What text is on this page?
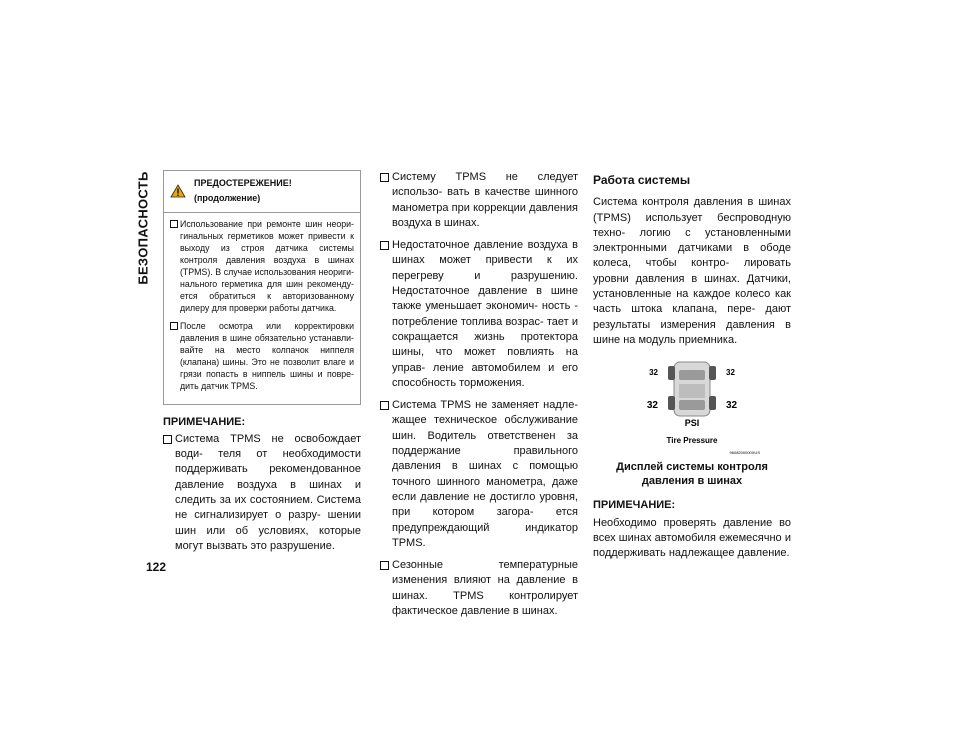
БЕЗОПАСНОСТЬ	ПРЕДОСТЕРЕЖЕНИЕ! (продолжение)
Использование при ремонте шин неори- гинальных герметиков может привести к выходу из строя датчика системы контроля давления воздуха в шинах (TPMS). В случае использования неориги- нального герметика для шин рекоменду- ется обратиться к авторизованному дилеру для проверки работы датчика.
После осмотра или корректировки давления в шине обязательно устанавли- вайте на место колпачок ниппеля (клапана) шины. Это не позволит влаге и грязи попасть в ниппель шины и повре- дить датчик TPMS.
ПРИМЕЧАНИЕ:
Система TPMS не освобождает води- теля от необходимости поддерживать рекомендованное давление воздуха в шинах и следить за их состоянием. Система не сигнализирует о разру- шении шин или об условиях, которые могут вызвать это разрушение.
Систему TPMS не следует использо- вать в качестве шинного манометра при коррекции давления воздуха в шинах.
Недостаточное давление воздуха в шинах может привести к их перегреву и разрушению. Недостаточное давление в шине также уменьшает экономич- ность - потребление топлива возрас- тает и сокращается жизнь протектора шины, что может повлиять на управ- ление автомобилем и его способность торможения.
Система TPMS не заменяет надле- жащее техническое обслуживание шин. Водитель ответственен за поддержание правильного давления в шинах с помощью точного шинного манометра, даже если давление не достигло уровня, при котором загора- ется предупреждающий индикатор TPMS.
Сезонные температурные изменения влияют на давление в шинах. TPMS контролирует фактическое давление в шинах.
Работа системы
Система контроля давления в шинах (TPMS) использует беспроводную техно- логию с установленными электронными датчиками в ободе колеса, чтобы контро- лировать уровни давления в шинах. Датчики, установленные на каждое колесо как часть штока клапана, пере- дают результаты измерения давления в шине на модуль приемника.
32	32
32	32
PSI
Tire Pressure
9608200000XUS
Дисплей системы контроля давления в шинах
ПРИМЕЧАНИЕ:
Необходимо проверять давление во всех шинах автомобиля ежемесячно и поддерживать надлежащее давление.
122
